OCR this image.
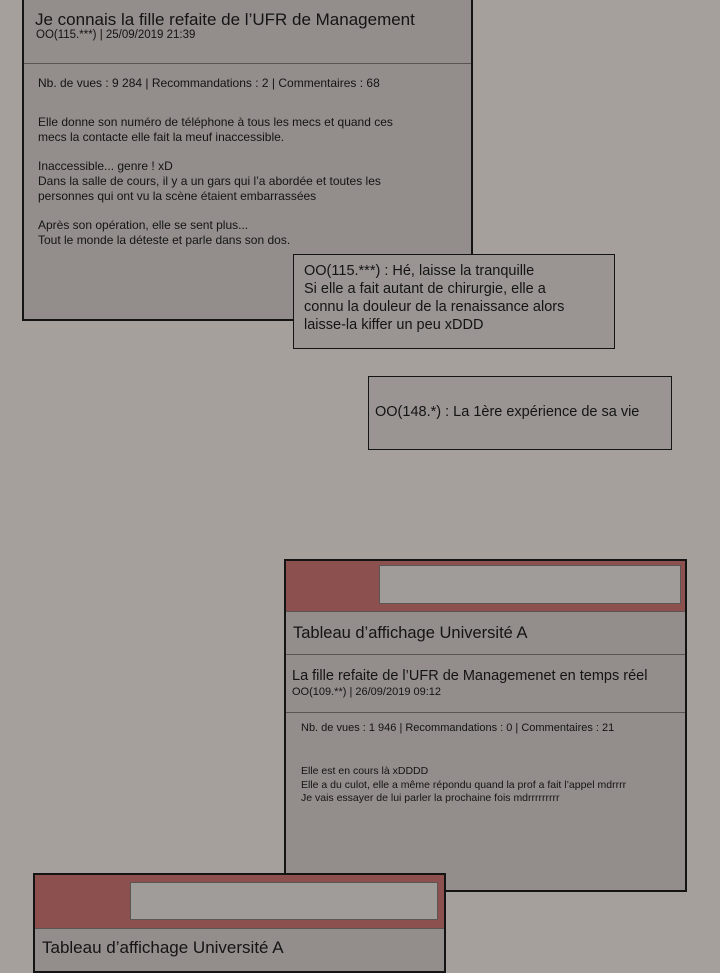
Je connais la fille refaite de l’UFR de Management
OO(115.***) | 25/09/2019 21:39
Nb. de vues : 9 284 | Recommandations : 2 | Commentaires : 68

Elle donne son numéro de téléphone à tous les mecs et quand ces
mecs la contacte elle fait la meuf inaccessible.

Inaccessible... genre ! xD
Dans la salle de cours, il y a un gars qui l’a abordée et toutes les
personnes qui ont vu la scène étaient embarrassées

Après son opération, elle se sent plus...
Tout le monde la déteste et parle dans son dos.

OO(115.***) : Hé, laisse la tranquille
Si elle a fait autant de chirurgie, elle a
connu la douleur de la renaissance alors
laisse-la kiffer un peu xDDD
OO(148.*) : La 1ère expérience de sa vie
Tableau d’affichage Université A
La fille refaite de l’UFR de Managemenet en temps réel
OO(109.**) | 26/09/2019 09:12
Nb. de vues : 1 946 | Recommandations : 0 | Commentaires : 21
Elle est en cours là xDDDD
Elle a du culot, elle a même répondu quand la prof a fait l’appel mdrrrr
Je vais essayer de lui parler la prochaine fois mdrrrrrrrrr
Tableau d’affichage Université A
